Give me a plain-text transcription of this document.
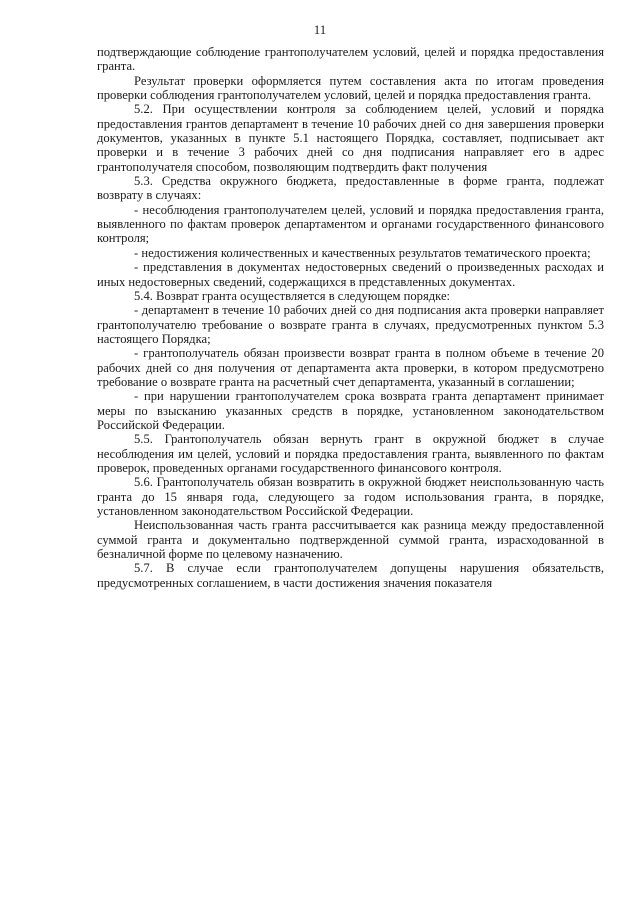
11

подтверждающие соблюдение грантополучателем условий, целей и порядка предоставления гранта.

Результат проверки оформляется путем составления акта по итогам проведения проверки соблюдения грантополучателем условий, целей и порядка предоставления гранта.

5.2. При осуществлении контроля за соблюдением целей, условий и порядка предоставления грантов департамент в течение 10 рабочих дней со дня завершения проверки документов, указанных в пункте 5.1 настоящего Порядка, составляет, подписывает акт проверки и в течение 3 рабочих дней со дня подписания направляет его в адрес грантополучателя способом, позволяющим подтвердить факт получения

5.3. Средства окружного бюджета, предоставленные в форме гранта, подлежат возврату в случаях:

- несоблюдения грантополучателем целей, условий и порядка предоставления гранта, выявленного по фактам проверок департаментом и органами государственного финансового контроля;

- недостижения количественных и качественных результатов тематического проекта;

- представления в документах недостоверных сведений о произведенных расходах и иных недостоверных сведений, содержащихся в представленных документах.

5.4. Возврат гранта осуществляется в следующем порядке:

- департамент в течение 10 рабочих дней со дня подписания акта проверки направляет грантополучателю требование о возврате гранта в случаях, предусмотренных пунктом 5.3 настоящего Порядка;

- грантополучатель обязан произвести возврат гранта в полном объеме в течение 20 рабочих дней со дня получения от департамента акта проверки, в котором предусмотрено требование о возврате гранта на расчетный счет департамента, указанный в соглашении;

- при нарушении грантополучателем срока возврата гранта департамент принимает меры по взысканию указанных средств в порядке, установленном законодательством Российской Федерации.

5.5. Грантополучатель обязан вернуть грант в окружной бюджет в случае несоблюдения им целей, условий и порядка предоставления гранта, выявленного по фактам проверок, проведенных органами государственного финансового контроля.

5.6. Грантополучатель обязан возвратить в окружной бюджет неиспользованную часть гранта до 15 января года, следующего за годом использования гранта, в порядке, установленном законодательством Российской Федерации.

Неиспользованная часть гранта рассчитывается как разница между предоставленной суммой гранта и документально подтвержденной суммой гранта, израсходованной в безналичной форме по целевому назначению.

5.7. В случае если грантополучателем допущены нарушения обязательств, предусмотренных соглашением, в части достижения значения показателя
